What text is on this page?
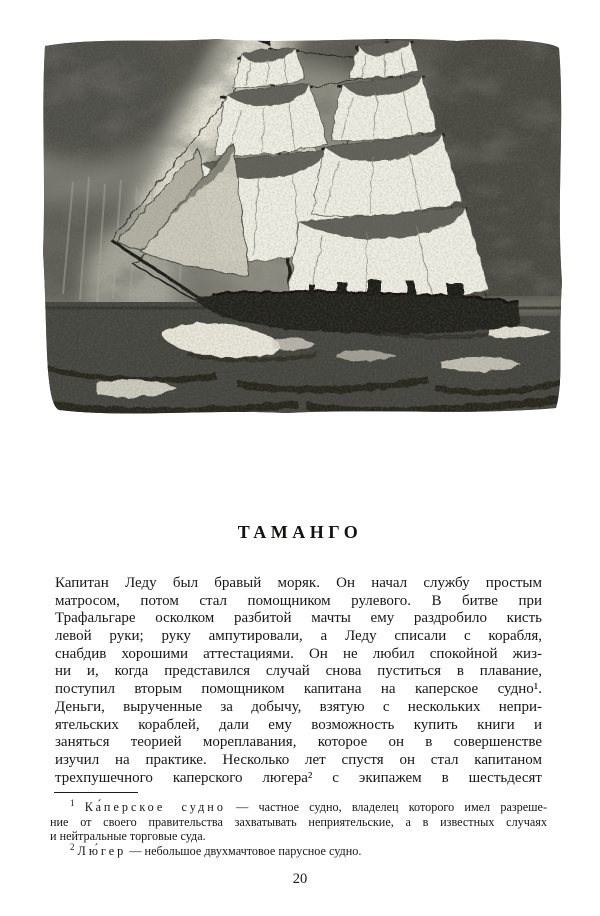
ТАМАНГО
Капитан Леду был бравый моряк. Он начал службу простым
матросом, потом стал помощником рулевого. В битве при
Трафальгаре осколком разбитой мачты ему раздробило кисть
левой руки; руку ампутировали, а Леду списали с корабля,
снабдив хорошими аттестациями. Он не любил спокойной жиз-
ни и, когда представился случай снова пуститься в плавание,
поступил вторым помощником капитана на каперское судно¹.
Деньги, вырученные за добычу, взятую с нескольких непри-
ятельских кораблей, дали ему возможность купить книги и
заняться теорией мореплавания, которое он в совершенстве
изучил на практике. Несколько лет спустя он стал капитаном
трехпушечного каперского люгера² с экипажем в шестьдесят
$^1$ Ка́перское судно — частное судно, владелец которого имел разреше-
ние от своего правительства захватывать неприятельские, а в известных случаях
и нейтральные торговые суда.
$^2$ Лю́гер — небольшое двухмачтовое парусное судно.
20
